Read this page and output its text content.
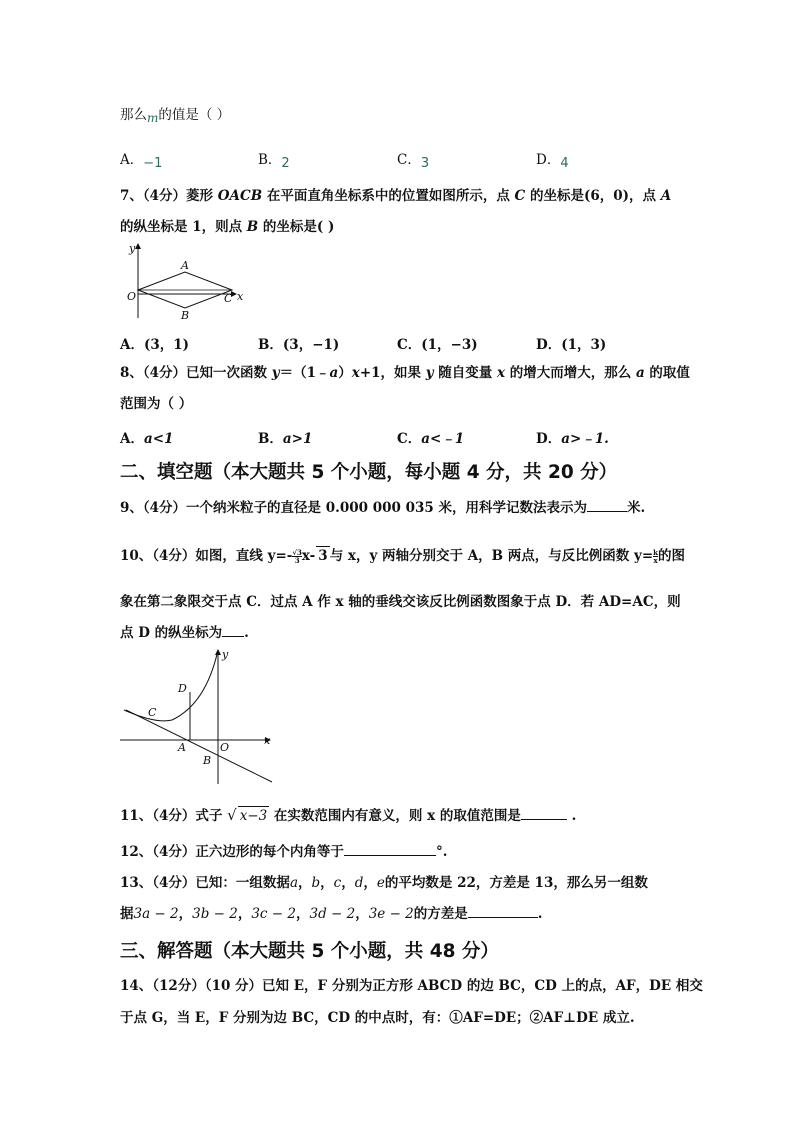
那么m的值是（ ）
A．−1	B．2	C．3	D．4
7、（4分）菱形 OACB 在平面直角坐标系中的位置如图所示，点 C 的坐标是(6，0)，点 A
的纵坐标是 1，则点 B 的坐标是( )
y
x
O
A
B
C
A．(3，1)	B．(3，−1)	C．(1，−3)	D．(1，3)
8、（4分）已知一次函数 y＝（1﹣a）x+1，如果 y 随自变量 x 的增大而增大，那么 a 的取值
范围为（ ）
A．a<1	B．a>1	C．a<﹣1	D．a>﹣1.
二、填空题（本大题共 5 个小题，每小题 4 分，共 20 分）
9、（4分）一个纳米粒子的直径是 0.000 000 035 米，用科学记数法表示为	米.
10、（4分）如图，直线 $y=- \frac{√3}{3} x-$ 3 与 x，y 两轴分别交于 A，B 两点，与反比例函数 $y= \frac{k}{x}$ 的图
象在第二象限交于点 C．过点 A 作 x 轴的垂线交该反比例函数图象于点 D．若 AD=AC，则
点 D 的纵坐标为 .
y
x
O
A
B
C
D
11、（4分）式子 √ x−3 在实数范围内有意义，则 x 的取值范围是	.
12、（4分）正六边形的每个内角等于	°.
13、（4分）已知：一组数据a，b，c，d，e的平均数是 22，方差是 13，那么另一组数
据3a − 2，3b − 2，3c − 2，3d − 2，3e − 2的方差是	.
三、解答题（本大题共 5 个小题，共 48 分）
14、（12分）（10 分）已知 E，F 分别为正方形 ABCD 的边 BC，CD 上的点，AF，DE 相交
于点 G，当 E，F 分别为边 BC，CD 的中点时，有：①AF=DE；②AF⊥DE 成立.
